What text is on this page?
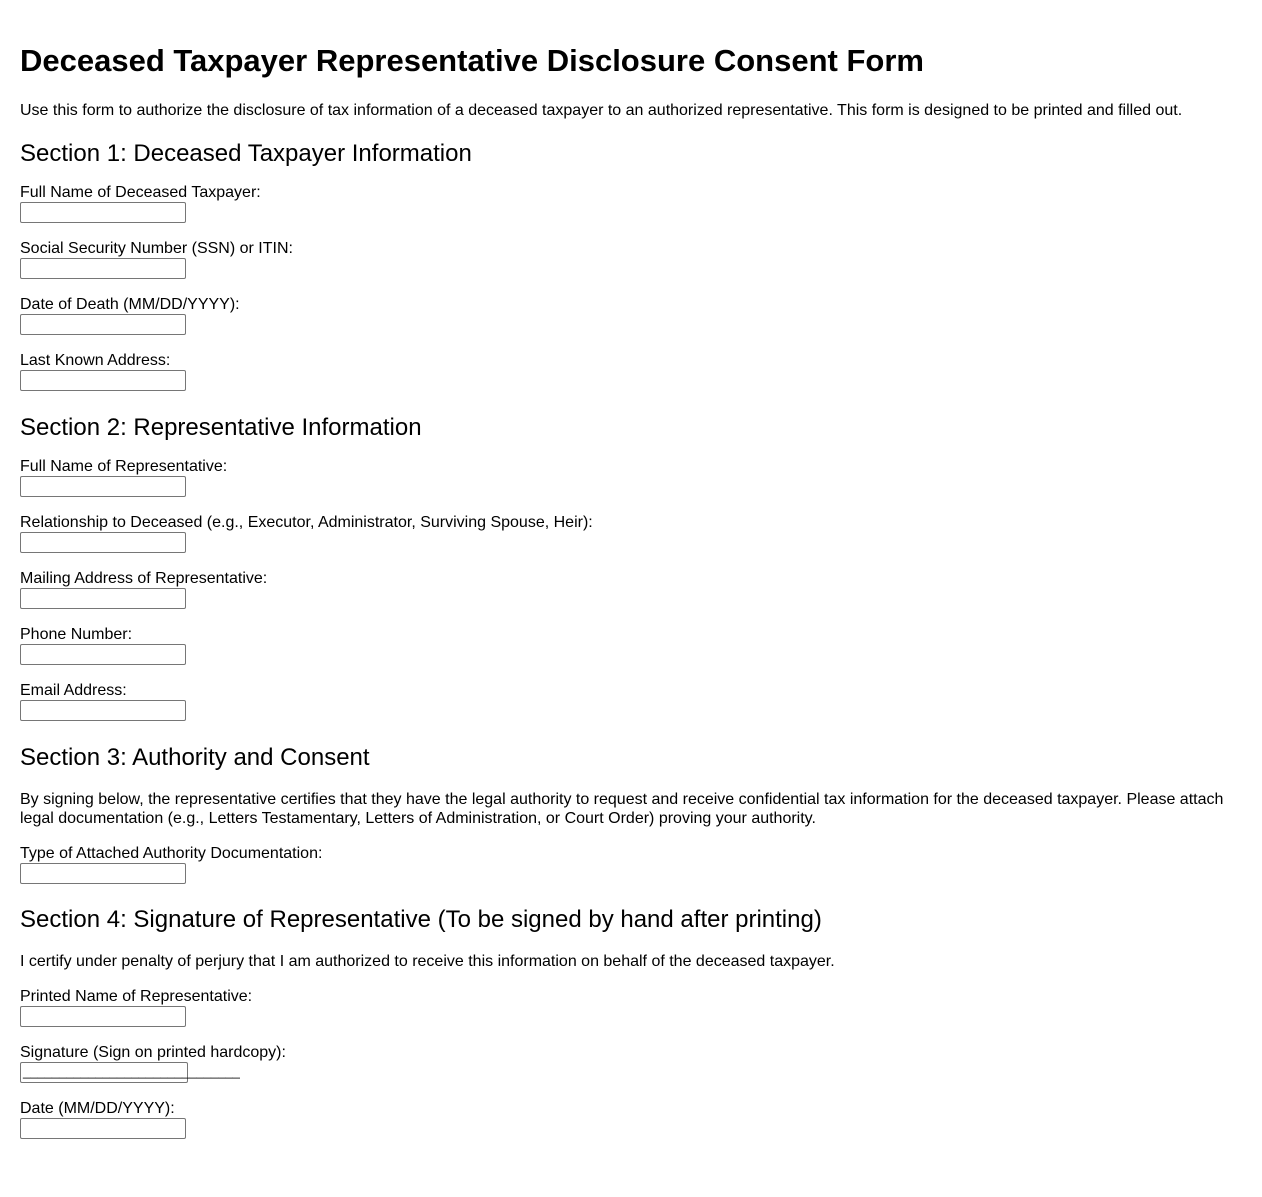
Deceased Taxpayer Representative Disclosure Consent Form

Use this form to authorize the disclosure of tax information of a deceased taxpayer to an authorized representative. This form is designed to be printed and filled out.

Section 1: Deceased Taxpayer Information
Full Name of Deceased Taxpayer:
Social Security Number (SSN) or ITIN:
Date of Death (MM/DD/YYYY):
Last Known Address:
Section 2: Representative Information
Full Name of Representative:
Relationship to Deceased (e.g., Executor, Administrator, Surviving Spouse, Heir):
Mailing Address of Representative:
Phone Number:
Email Address:
Section 3: Authority and Consent

By signing below, the representative certifies that they have the legal authority to request and receive confidential tax information for the deceased taxpayer. Please attach legal documentation (e.g., Letters Testamentary, Letters of Administration, or Court Order) proving your authority.

Type of Attached Authority Documentation:
Section 4: Signature of Representative (To be signed by hand after printing)

I certify under penalty of perjury that I am authorized to receive this information on behalf of the deceased taxpayer.

Printed Name of Representative:
Signature (Sign on printed hardcopy):
______________________________
Date (MM/DD/YYYY):
